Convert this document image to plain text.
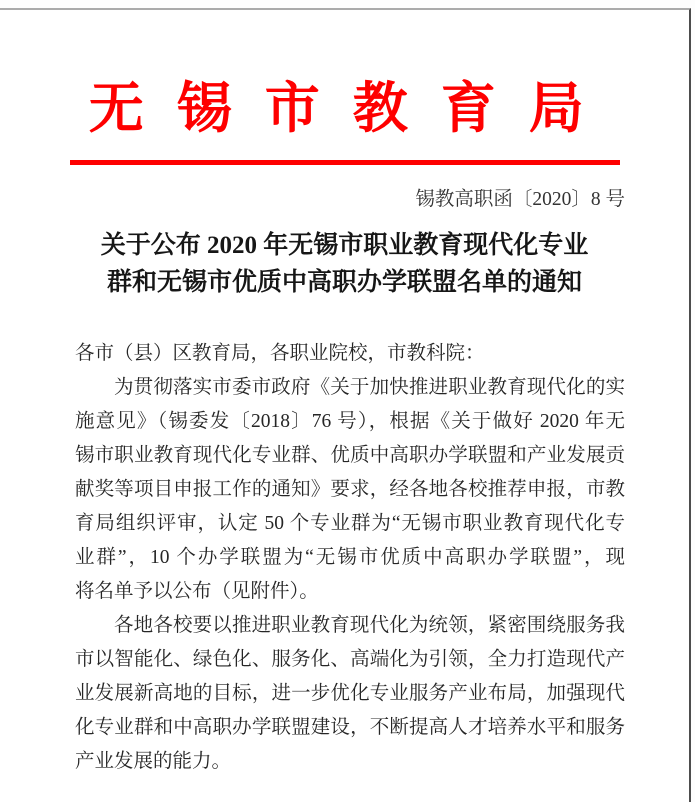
无锡市教育局
锡教高职函〔2020〕8 号
关于公布 2020 年无锡市职业教育现代化专业
群和无锡市优质中高职办学联盟名单的通知
各市（县）区教育局，各职业院校，市教科院：
为贯彻落实市委市政府《关于加快推进职业教育现代化的实
施意见》（锡委发〔2018〕76 号），根据《关于做好 2020 年无
锡市职业教育现代化专业群、优质中高职办学联盟和产业发展贡
献奖等项目申报工作的通知》要求，经各地各校推荐申报，市教
育局组织评审，认定 50 个专业群为“无锡市职业教育现代化专
业群”，10 个办学联盟为“无锡市优质中高职办学联盟”，现
将名单予以公布（见附件）。
各地各校要以推进职业教育现代化为统领，紧密围绕服务我
市以智能化、绿色化、服务化、高端化为引领，全力打造现代产
业发展新高地的目标，进一步优化专业服务产业布局，加强现代
化专业群和中高职办学联盟建设，不断提高人才培养水平和服务
产业发展的能力。
